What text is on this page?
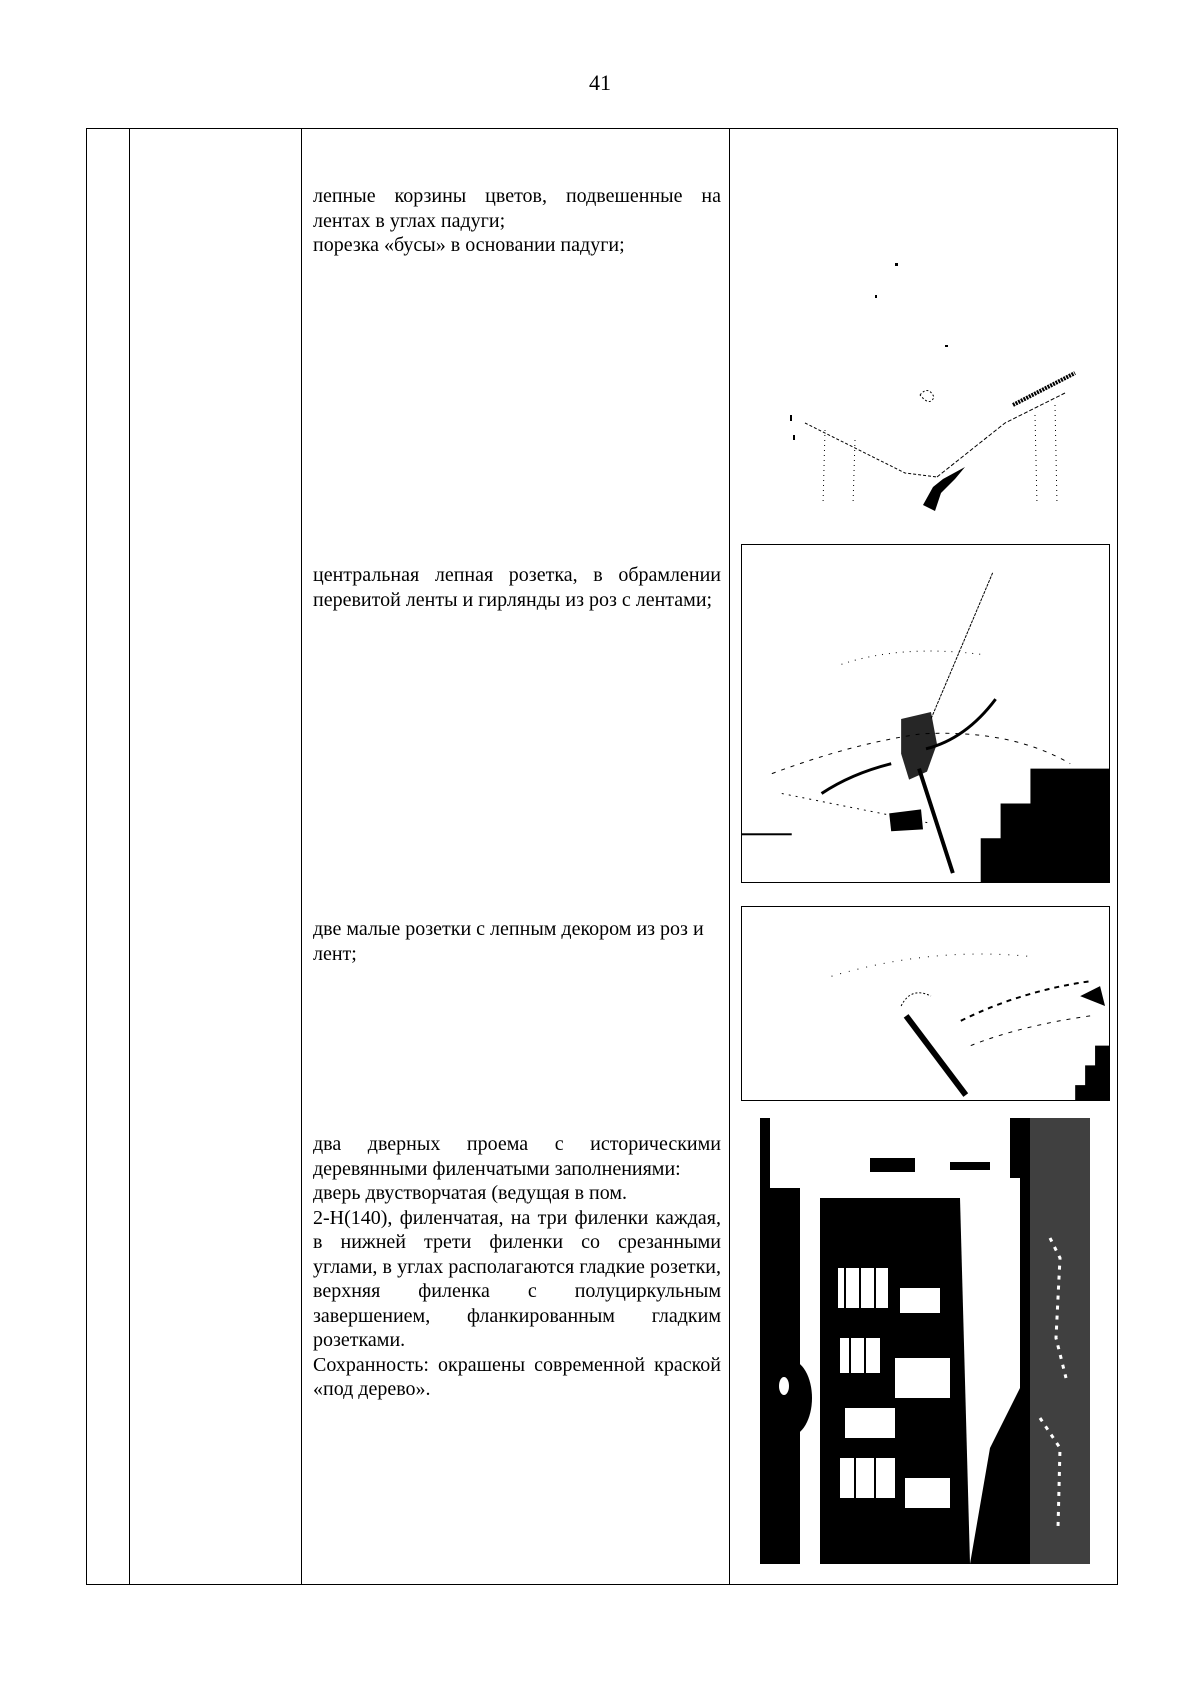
41

лепные корзины цветов, подвешенные на лентах в углах падуги;

порезка «бусы» в основании падуги;

центральная лепная розетка, в обрамлении перевитой ленты и гирлянды из роз с лентами;

две малые розетки с лепным декором из роз и лент;

два дверных проема с историческими деревянными филенчатыми заполнениями:

дверь двустворчатая (ведущая в пом.

2-Н(140), филенчатая, на три филенки каждая, в нижней трети филенки со срезанными углами, в углах располагаются гладкие розетки, верхняя филенка с полуциркульным завершением, фланкированным гладким розетками.

Сохранность: окрашены современной краской «под дерево».
